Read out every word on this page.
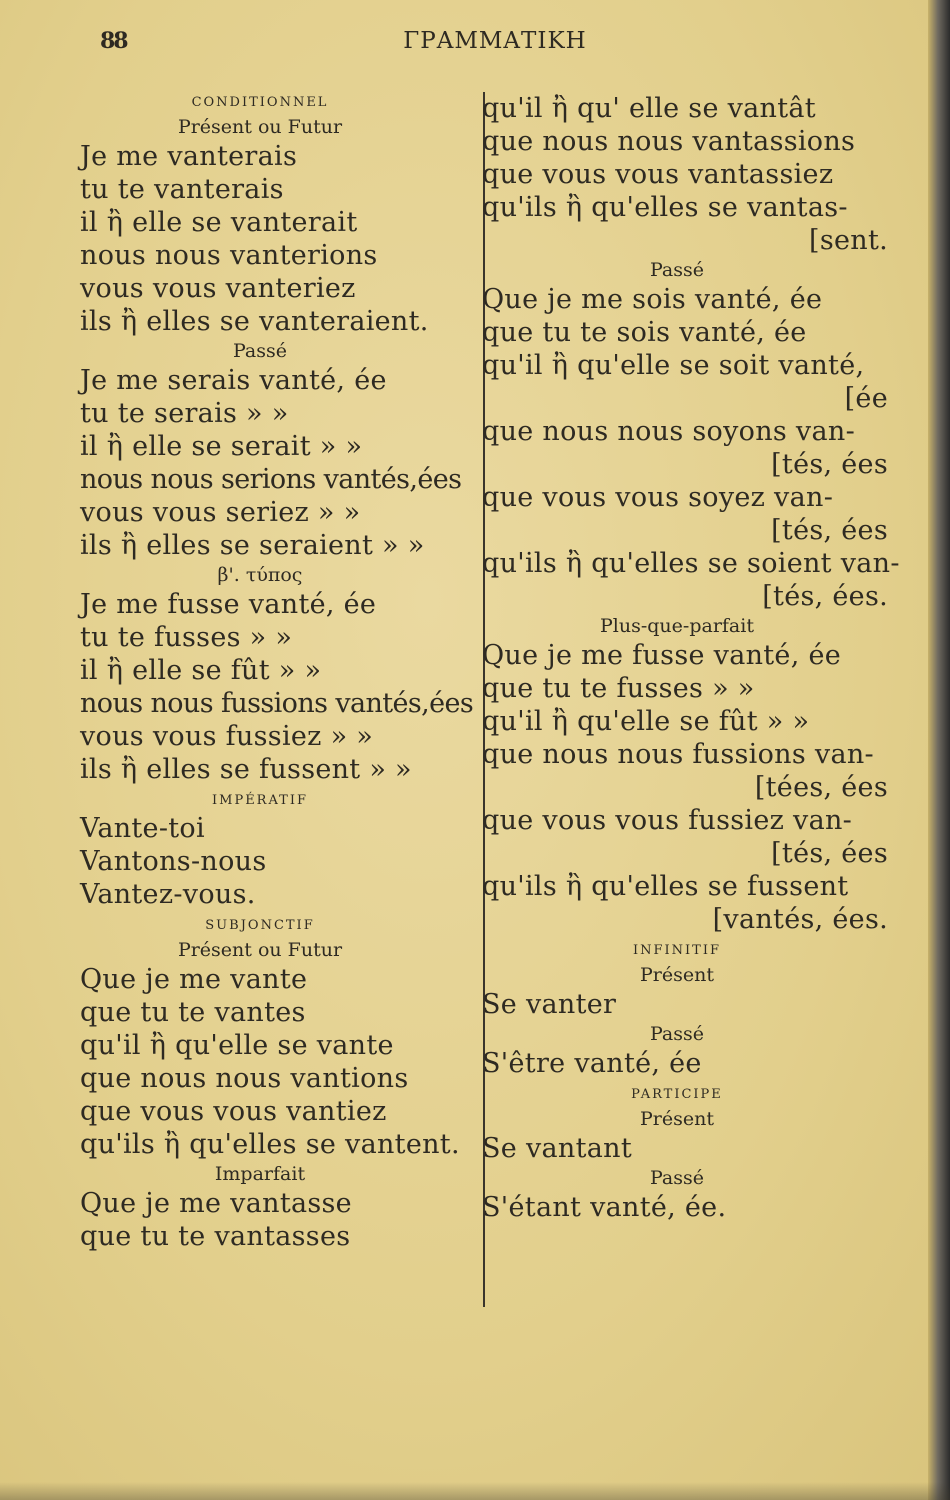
88	ΓΡΑΜΜΑΤΙΚΗ
CONDITIONNEL
Présent ou Futur
Je me vanterais
tu te vanterais
il ἢ elle se vanterait
nous nous vanterions
vous vous vanteriez
ils ἢ elles se vanteraient.
Passé
Je me serais vanté, ée
tu te serais » »
il ἢ elle se serait » »
nous nous serions vantés,ées
vous vous seriez » »
ils ἢ elles se seraient » »
β'. τύπος
Je me fusse vanté, ée
tu te fusses » »
il ἢ elle se fût » »
nous nous fussions vantés,ées
vous vous fussiez » »
ils ἢ elles se fussent » »
IMPÉRATIF
Vante-toi
Vantons-nous
Vantez-vous.
SUBJONCTIF
Présent ou Futur
Que je me vante
que tu te vantes
qu'il ἢ qu'elle se vante
que nous nous vantions
que vous vous vantiez
qu'ils ἢ qu'elles se vantent.
Imparfait
Que je me vantasse
que tu te vantasses
qu'il ἢ qu' elle se vantât
que nous nous vantassions
que vous vous vantassiez
qu'ils ἢ qu'elles se vantas-
[sent.
Passé
Que je me sois vanté, ée
que tu te sois vanté, ée
qu'il ἢ qu'elle se soit vanté,
[ée
que nous nous soyons van-
[tés, ées
que vous vous soyez van-
[tés, ées
qu'ils ἢ qu'elles se soient van-
[tés, ées.
Plus-que-parfait
Que je me fusse vanté, ée
que tu te fusses » »
qu'il ἢ qu'elle se fût » »
que nous nous fussions van-
[tées, ées
que vous vous fussiez van-
[tés, ées
qu'ils ἢ qu'elles se fussent
[vantés, ées.
INFINITIF
Présent
Se vanter
Passé
S'être vanté, ée
PARTICIPE
Présent
Se vantant
Passé
S'étant vanté, ée.
